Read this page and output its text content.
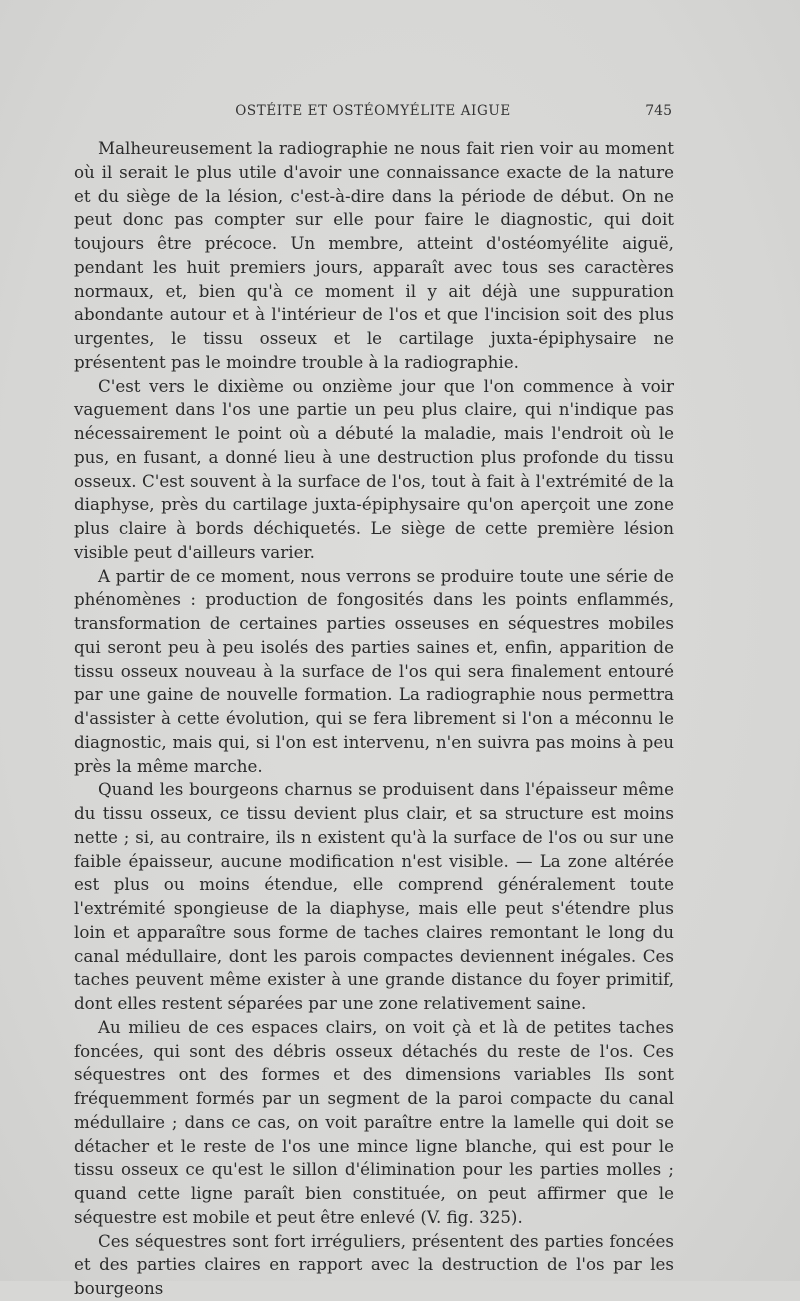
OSTÉITE ET OSTÉOMYÉLITE AIGUE	745

Malheureusement la radiographie ne nous fait rien voir au moment où il serait le plus utile d'avoir une connaissance exacte de la nature et du siège de la lésion, c'est-à-dire dans la période de début. On ne peut donc pas compter sur elle pour faire le diagnostic, qui doit toujours être précoce. Un membre, atteint d'ostéomyélite aiguë, pendant les huit premiers jours, apparaît avec tous ses caractères normaux, et, bien qu'à ce moment il y ait déjà une suppuration abondante autour et à l'intérieur de l'os et que l'incision soit des plus urgentes, le tissu osseux et le cartilage juxta-épiphysaire ne présentent pas le moindre trouble à la radiographie.

C'est vers le dixième ou onzième jour que l'on commence à voir vaguement dans l'os une partie un peu plus claire, qui n'indique pas nécessairement le point où a débuté la maladie, mais l'endroit où le pus, en fusant, a donné lieu à une destruction plus profonde du tissu osseux. C'est souvent à la surface de l'os, tout à fait à l'extrémité de la diaphyse, près du cartilage juxta-épiphysaire qu'on aperçoit une zone plus claire à bords déchiquetés. Le siège de cette première lésion visible peut d'ailleurs varier.

A partir de ce moment, nous verrons se produire toute une série de phénomènes : production de fongosités dans les points enflammés, transformation de certaines parties osseuses en séquestres mobiles qui seront peu à peu isolés des parties saines et, enfin, apparition de tissu osseux nouveau à la surface de l'os qui sera finalement entouré par une gaine de nouvelle formation. La radiographie nous permettra d'assister à cette évolution, qui se fera librement si l'on a méconnu le diagnostic, mais qui, si l'on est intervenu, n'en suivra pas moins à peu près la même marche.

Quand les bourgeons charnus se produisent dans l'épaisseur même du tissu osseux, ce tissu devient plus clair, et sa structure est moins nette ; si, au contraire, ils n existent qu'à la surface de l'os ou sur une faible épaisseur, aucune modification n'est visible. — La zone altérée est plus ou moins étendue, elle comprend généralement toute l'extrémité spongieuse de la diaphyse, mais elle peut s'étendre plus loin et apparaître sous forme de taches claires remontant le long du canal médullaire, dont les parois compactes deviennent inégales. Ces taches peuvent même exister à une grande distance du foyer primitif, dont elles restent séparées par une zone relativement saine.

Au milieu de ces espaces clairs, on voit çà et là de petites taches foncées, qui sont des débris osseux détachés du reste de l'os. Ces séquestres ont des formes et des dimensions variables Ils sont fréquemment formés par un segment de la paroi compacte du canal médullaire ; dans ce cas, on voit paraître entre la lamelle qui doit se détacher et le reste de l'os une mince ligne blanche, qui est pour le tissu osseux ce qu'est le sillon d'élimination pour les parties molles ; quand cette ligne paraît bien constituée, on peut affirmer que le séquestre est mobile et peut être enlevé (V. fig. 325).

Ces séquestres sont fort irréguliers, présentent des parties foncées et des parties claires en rapport avec la destruction de l'os par les bourgeons
